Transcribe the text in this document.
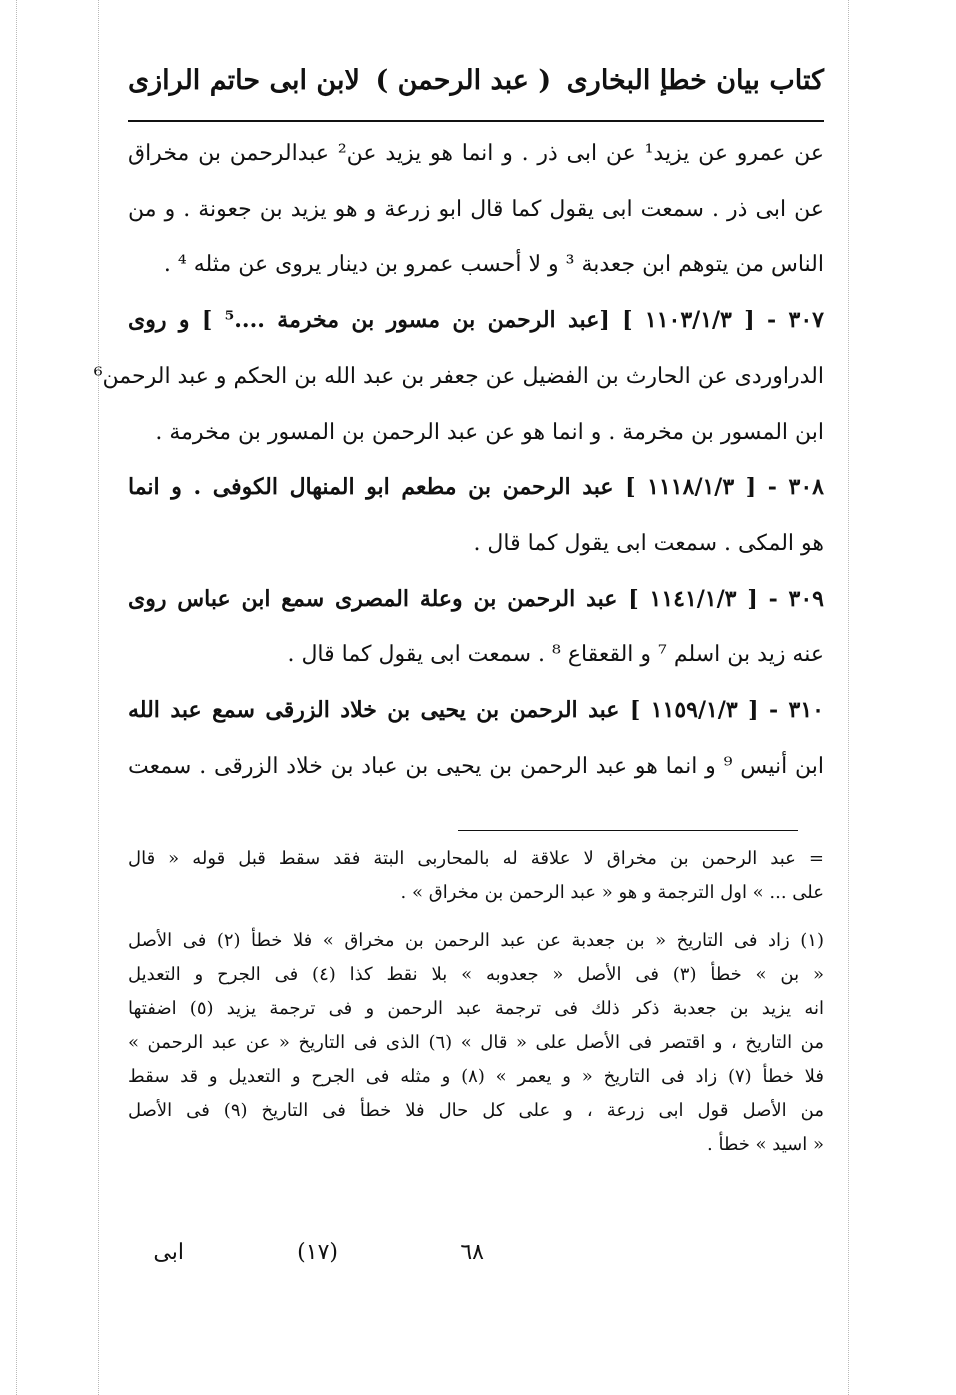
كتاب بيان خطإ البخارى
( عبد الرحمن )
لابن ابى حاتم الرازى
عن عمرو عن يزيد¹ عن ابى ذر . و انما هو يزيد عن² عبدالرحمن بن مخراق
عن ابى ذر . سمعت ابى يقول كما قال ابو زرعة و هو يزيد بن جعونة . و من
الناس من يتوهم ابن جعدبة ³ و لا أحسب عمرو بن دينار يروى عن مثله ⁴ .
٣٠٧ - [ ١١٠٣/١/٣ ] [عبد الرحمن بن مسور بن مخرمة ....⁵ ] و روى
الدراوردى عن الحارث بن الفضيل عن جعفر بن عبد الله بن الحكم و عبد الرحمن⁶
ابن المسور بن مخرمة . و انما هو عن عبد الرحمن بن المسور بن مخرمة .
٣٠٨ - [ ١١١٨/١/٣ ] عبد الرحمن بن مطعم ابو المنهال الكوفى . و انما
هو المكى . سمعت ابى يقول كما قال .
٣٠٩ - [ ١١٤١/١/٣ ] عبد الرحمن بن وعلة المصرى سمع ابن عباس روى
عنه زيد بن اسلم ⁷ و القعقاع ⁸ . سمعت ابى يقول كما قال .
٣١٠ - [ ١١٥٩/١/٣ ] عبد الرحمن بن يحيى بن خلاد الزرقى سمع عبد الله
ابن أنيس ⁹ و انما هو عبد الرحمن بن يحيى بن عباد بن خلاد الزرقى . سمعت
= عبد الرحمن بن مخراق لا علاقة له بالمحاربى البتة فقد سقط قبل قوله « قال
على ... » اول الترجمة و هو « عبد الرحمن بن مخراق » .
(١) زاد فى التاريخ « بن جعدبة عن عبد الرحمن بن مخراق » فلا خطأ (٢) فى الأصل
« بن » خطأ (٣) فى الأصل « جعدوبه » بلا نقط كذا (٤) فى الجرح و التعديل
انه يزيد بن جعدبة ذكر ذلك فى ترجمة عبد الرحمن و فى ترجمة يزيد (٥) اضفتها
من التاريخ ، و اقتصر فى الأصل على « قال » (٦) الذى فى التاريخ « عن عبد الرحمن »
فلا خطأ (٧) زاد فى التاريخ « و يعمر » (٨) و مثله فى الجرح و التعديل و قد سقط
من الأصل قول ابى زرعة ، و على كل حال فلا خطأ فى التاريخ (٩) فى الأصل
« اسيد » خطأ .
٦٨
(١٧)
ابى
